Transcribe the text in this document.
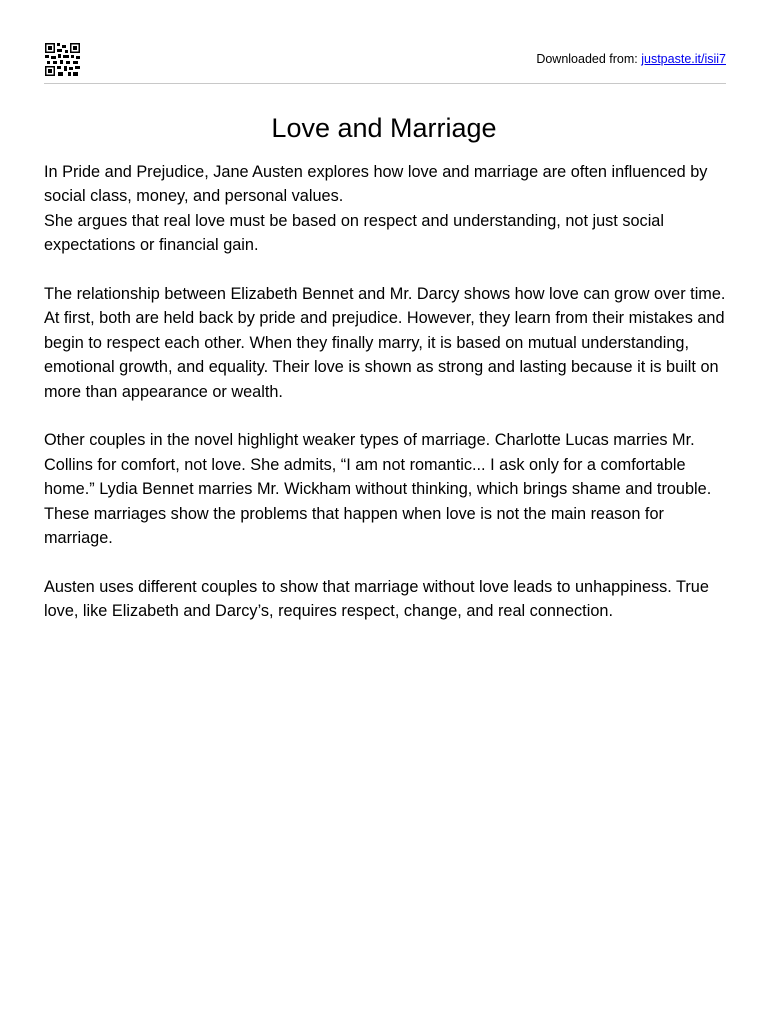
Downloaded from: justpaste.it/isii7
Love and Marriage

In Pride and Prejudice, Jane Austen explores how love and marriage are often influenced by social class, money, and personal values.
She argues that real love must be based on respect and understanding, not just social expectations or financial gain.

The relationship between Elizabeth Bennet and Mr. Darcy shows how love can grow over time. At first, both are held back by pride and prejudice. However, they learn from their mistakes and begin to respect each other. When they finally marry, it is based on mutual understanding, emotional growth, and equality. Their love is shown as strong and lasting because it is built on more than appearance or wealth.

Other couples in the novel highlight weaker types of marriage. Charlotte Lucas marries Mr. Collins for comfort, not love. She admits, “I am not romantic... I ask only for a comfortable home.” Lydia Bennet marries Mr. Wickham without thinking, which brings shame and trouble. These marriages show the problems that happen when love is not the main reason for marriage.

Austen uses different couples to show that marriage without love leads to unhappiness. True love, like Elizabeth and Darcy’s, requires respect, change, and real connection.
